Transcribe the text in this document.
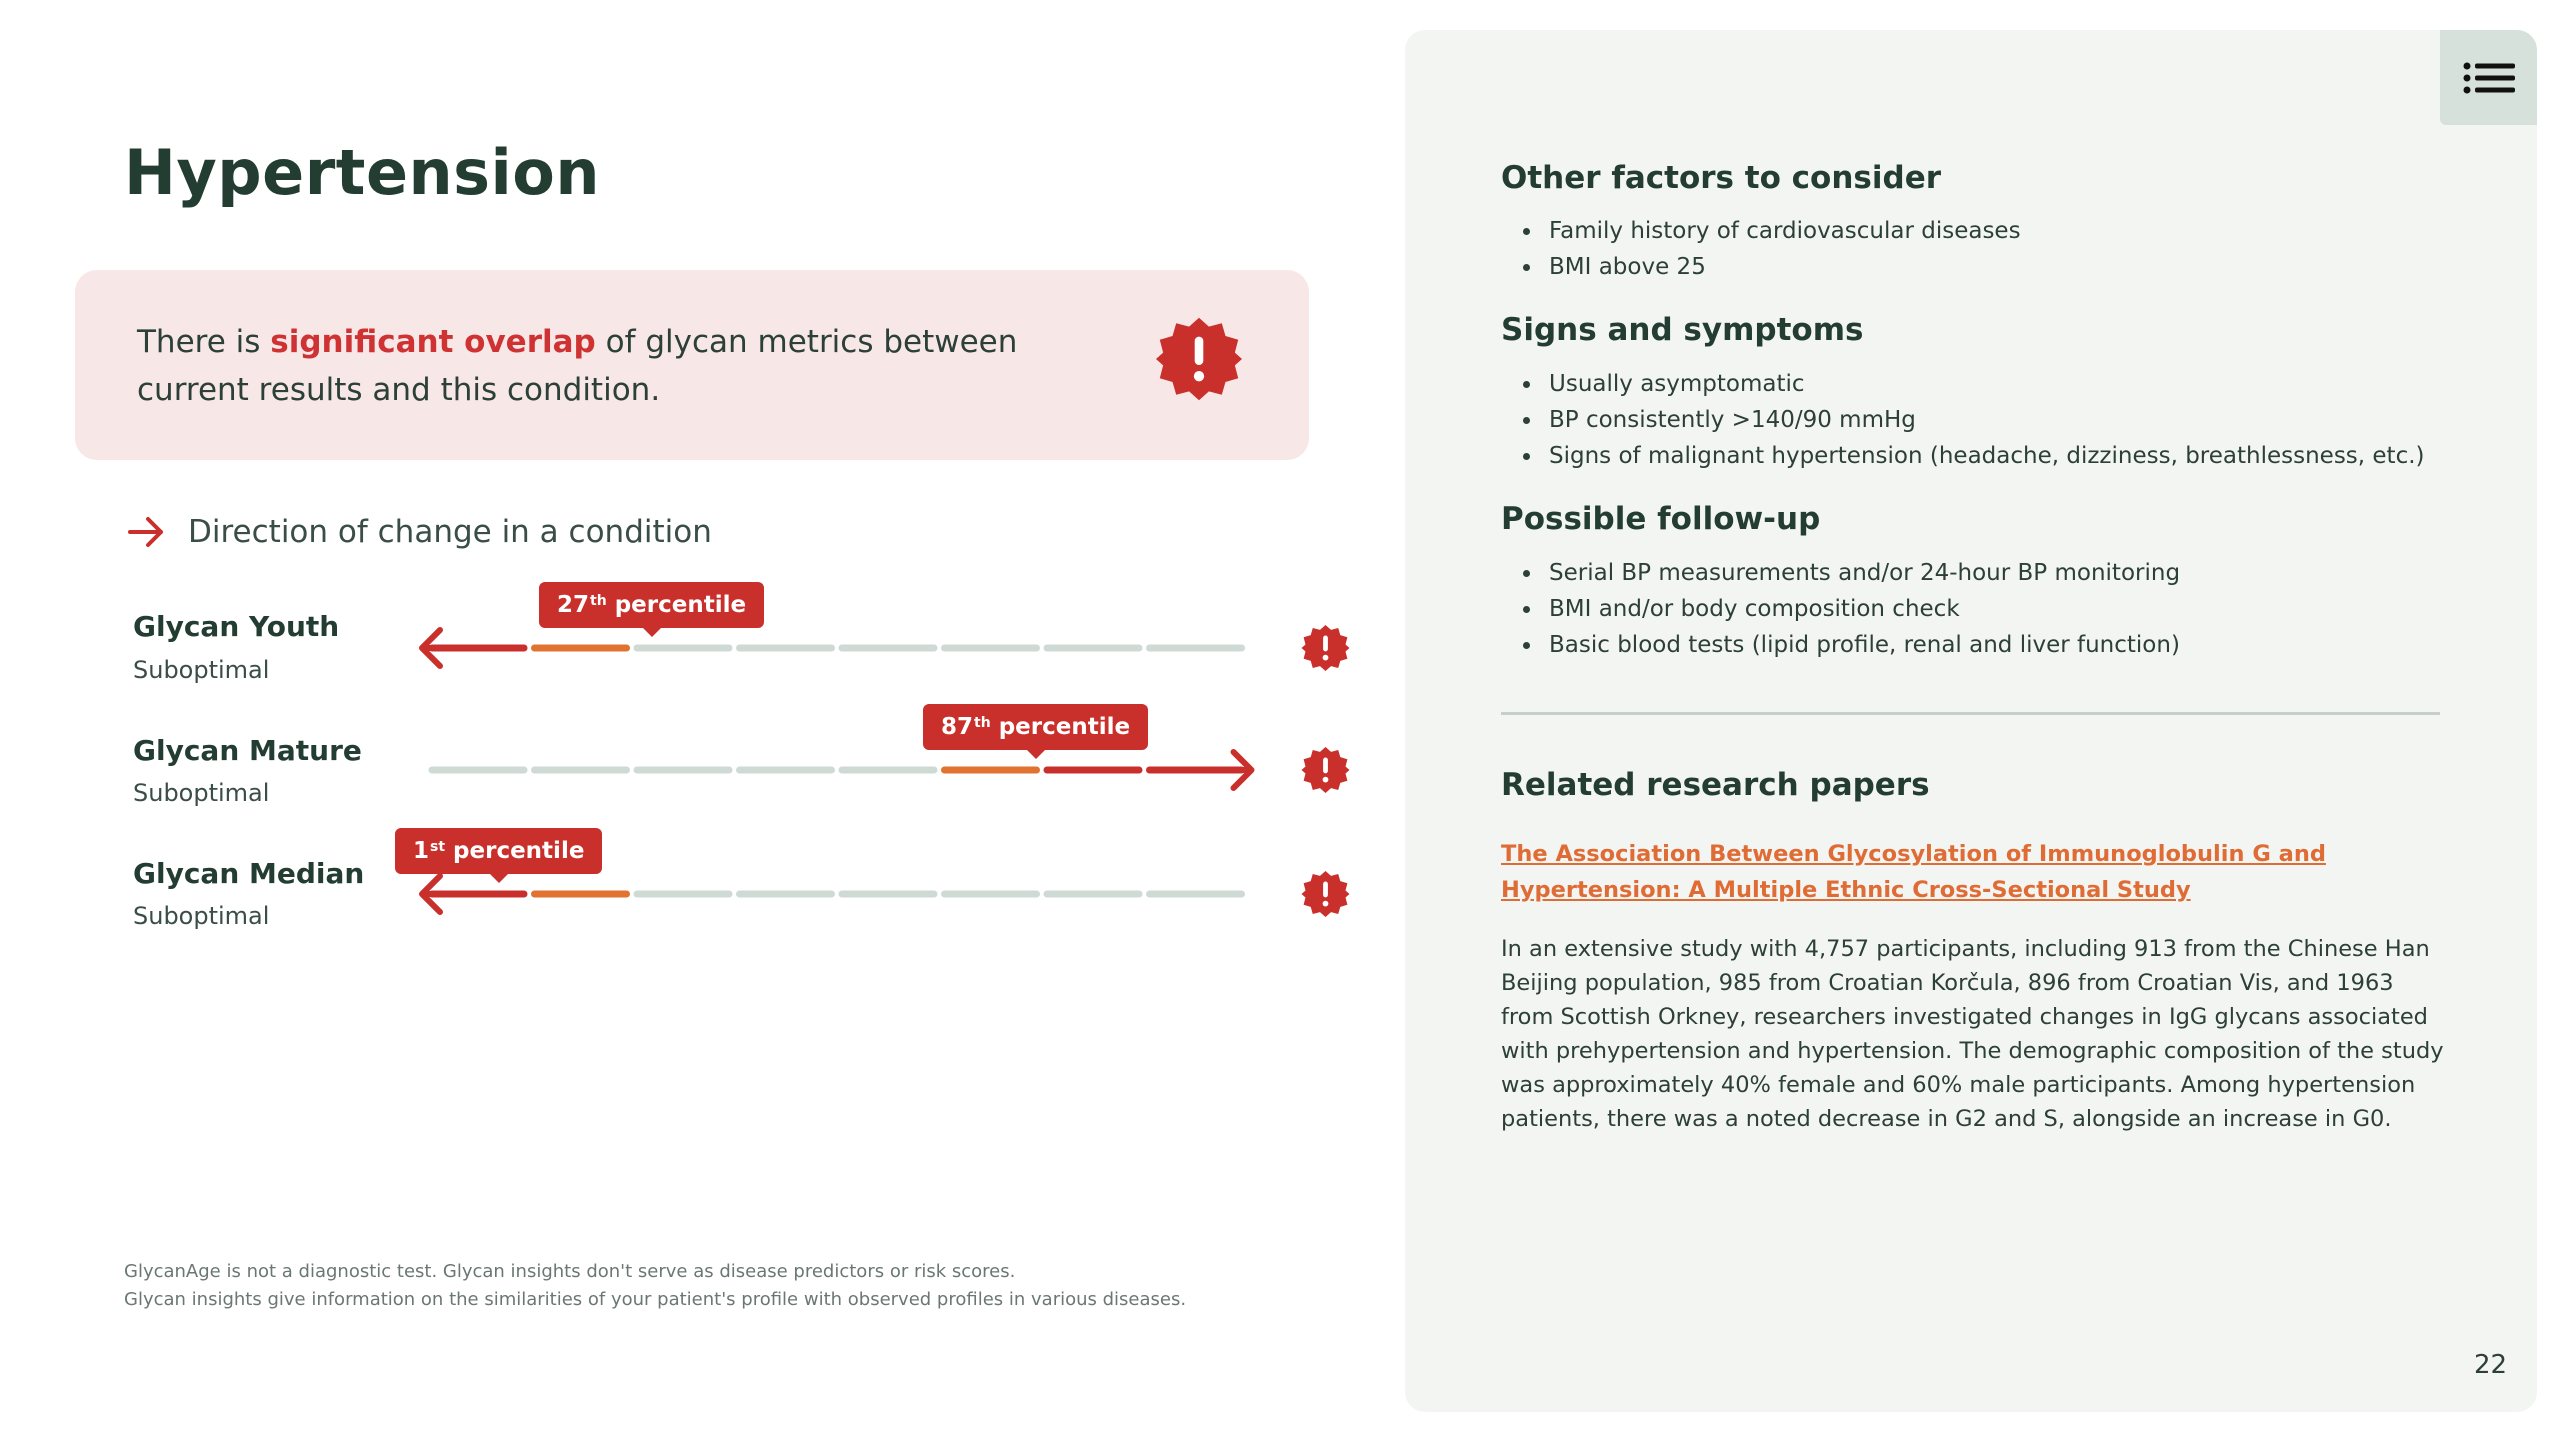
Hypertension

There is significant overlap of glycan metrics between current results and this condition.

Direction of change in a condition
Glycan Youth
Suboptimal
27th percentile
Glycan Mature
Suboptimal
87th percentile
Glycan Median
Suboptimal
1st percentile
GlycanAge is not a diagnostic test. Glycan insights don't serve as disease predictors or risk scores.
Glycan insights give information on the similarities of your patient's profile with observed profiles in various diseases.
Other factors to consider
Family history of cardiovascular diseases
BMI above 25
Signs and symptoms
Usually asymptomatic
BP consistently >140/90 mmHg
Signs of malignant hypertension (headache, dizziness, breathlessness, etc.)
Possible follow-up
Serial BP measurements and/or 24-hour BP monitoring
BMI and/or body composition check
Basic blood tests (lipid profile, renal and liver function)
Related research papers
The Association Between Glycosylation of Immunoglobulin G and Hypertension: A Multiple Ethnic Cross-Sectional Study

In an extensive study with 4,757 participants, including 913 from the Chinese Han Beijing population, 985 from Croatian Korčula, 896 from Croatian Vis, and 1963 from Scottish Orkney, researchers investigated changes in IgG glycans associated with prehypertension and hypertension. The demographic composition of the study was approximately 40% female and 60% male participants. Among hypertension patients, there was a noted decrease in G2 and S, alongside an increase in G0.

22
